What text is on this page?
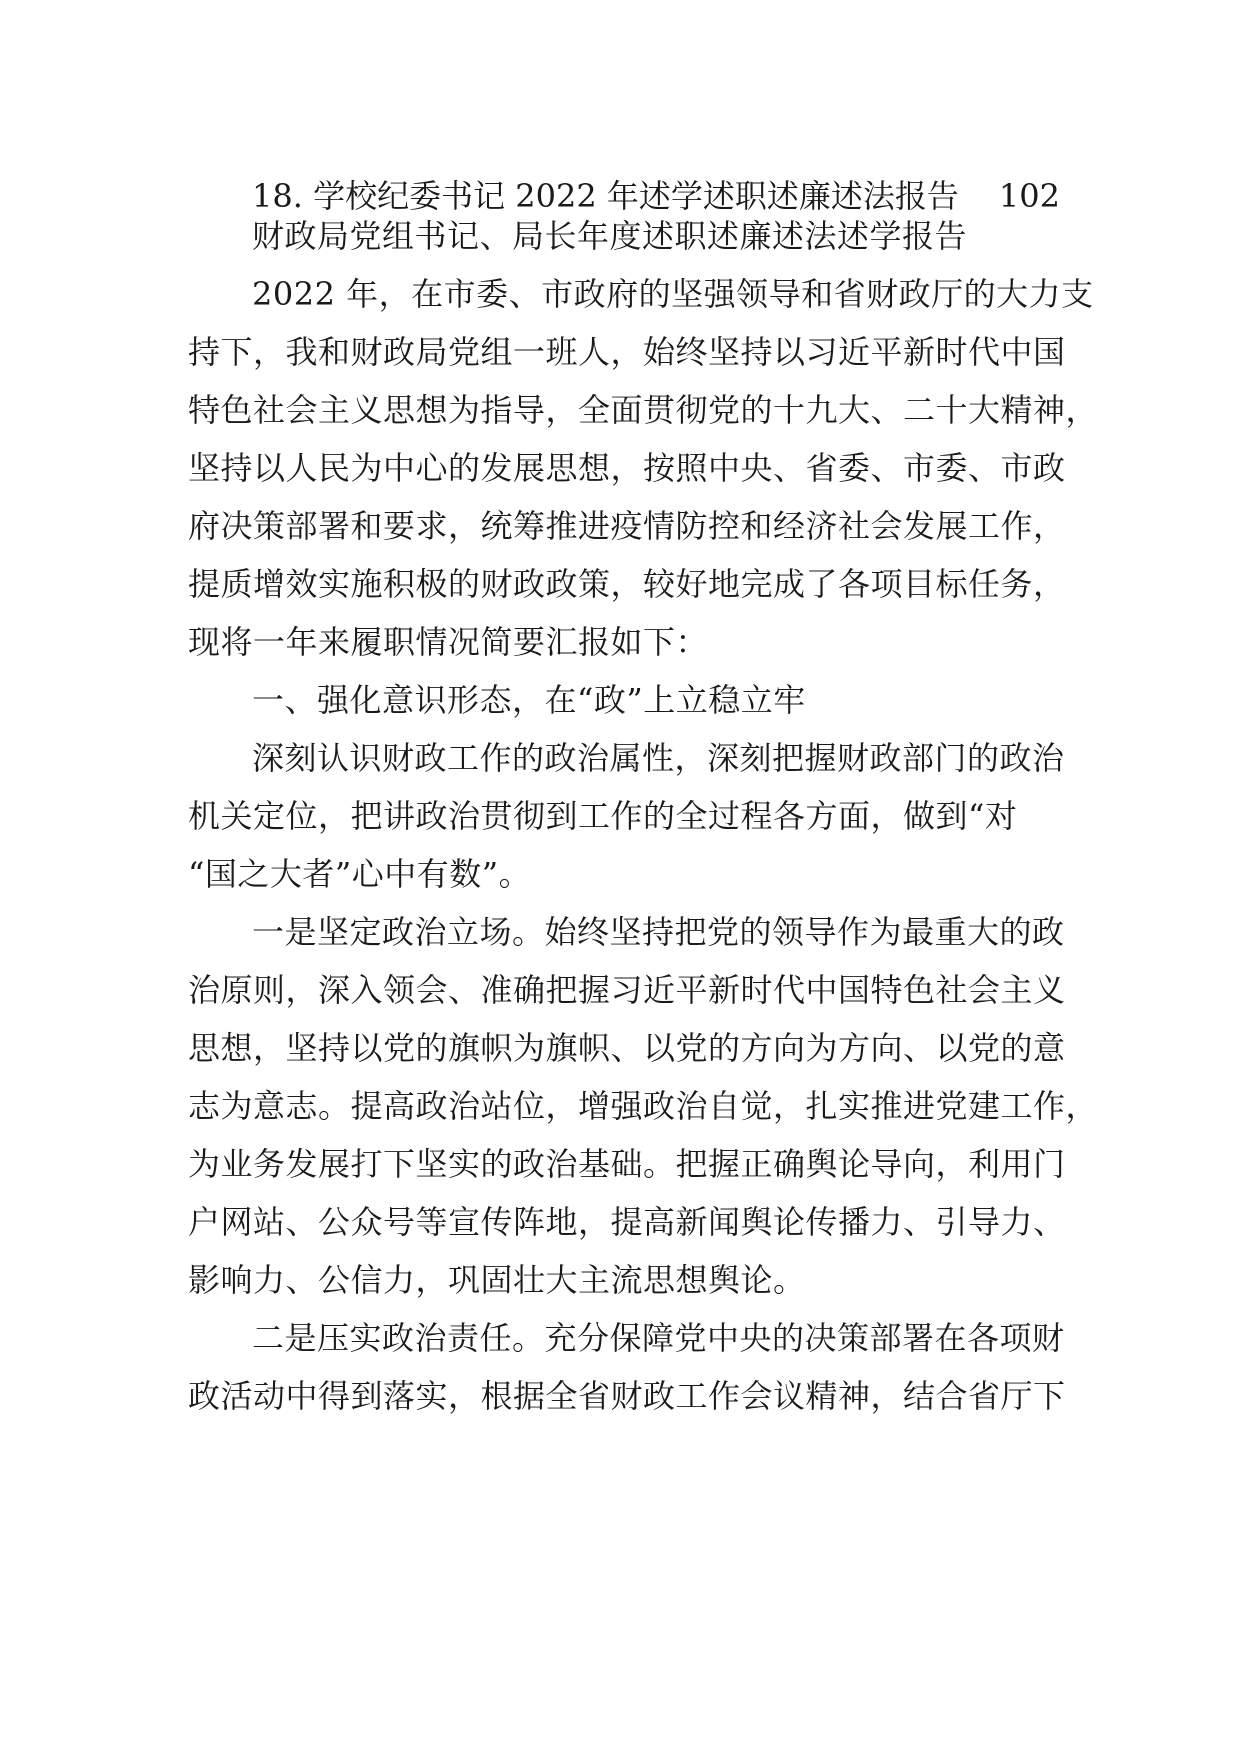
18. 学校纪委书记 2022 年述学述职述廉述法报告 102
财政局党组书记、局长年度述职述廉述法述学报告
2022 年，在市委、市政府的坚强领导和省财政厅的大力支
持下，我和财政局党组一班人，始终坚持以习近平新时代中国
特色社会主义思想为指导，全面贯彻党的十九大、二十大精神，
坚持以人民为中心的发展思想，按照中央、省委、市委、市政
府决策部署和要求，统筹推进疫情防控和经济社会发展工作，
提质增效实施积极的财政政策，较好地完成了各项目标任务，
现将一年来履职情况简要汇报如下：
一、强化意识形态，在“政”上立稳立牢
深刻认识财政工作的政治属性，深刻把握财政部门的政治
机关定位，把讲政治贯彻到工作的全过程各方面，做到“对
“国之大者”心中有数”。
一是坚定政治立场。始终坚持把党的领导作为最重大的政
治原则，深入领会、准确把握习近平新时代中国特色社会主义
思想，坚持以党的旗帜为旗帜、以党的方向为方向、以党的意
志为意志。提高政治站位，增强政治自觉，扎实推进党建工作，
为业务发展打下坚实的政治基础。把握正确舆论导向，利用门
户网站、公众号等宣传阵地，提高新闻舆论传播力、引导力、
影响力、公信力，巩固壮大主流思想舆论。
二是压实政治责任。充分保障党中央的决策部署在各项财
政活动中得到落实，根据全省财政工作会议精神，结合省厅下
